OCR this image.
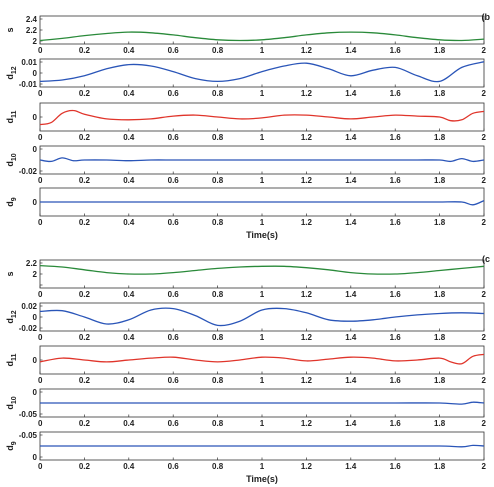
0	0.2	0.4	0.6	0.8	1	1.2	1.4	1.6	1.8	2
2.4
2.2
2
s
0	0.2	0.4	0.6	0.8	1	1.2	1.4	1.6	1.8	2
0.01
0
-0.01
$d_{12}$
0	0.2	0.4	0.6	0.8	1	1.2	1.4	1.6	1.8	2
0
$d_{11}$
0	0.2	0.4	0.6	0.8	1	1.2	1.4	1.6	1.8	2
0
-0.02
$d_{10}$
0	0.2	0.4	0.6	0.8	1	1.2	1.4	1.6	1.8	2
0
$d_9$
(b
Time(s)
0	0.2	0.4	0.6	0.8	1	1.2	1.4	1.6	1.8	2
2.2
2
s
0	0.2	0.4	0.6	0.8	1	1.2	1.4	1.6	1.8	2
0.02
0
-0.02
$d_{12}$
0	0.2	0.4	0.6	0.8	1	1.2	1.4	1.6	1.8	2
0
$d_{11}$
0	0.2	0.4	0.6	0.8	1	1.2	1.4	1.6	1.8	2
0
-0.05
$d_{10}$
0	0.2	0.4	0.6	0.8	1	1.2	1.4	1.6	1.8	2
-0.05
0
$d_9$
(c
Time(s)
